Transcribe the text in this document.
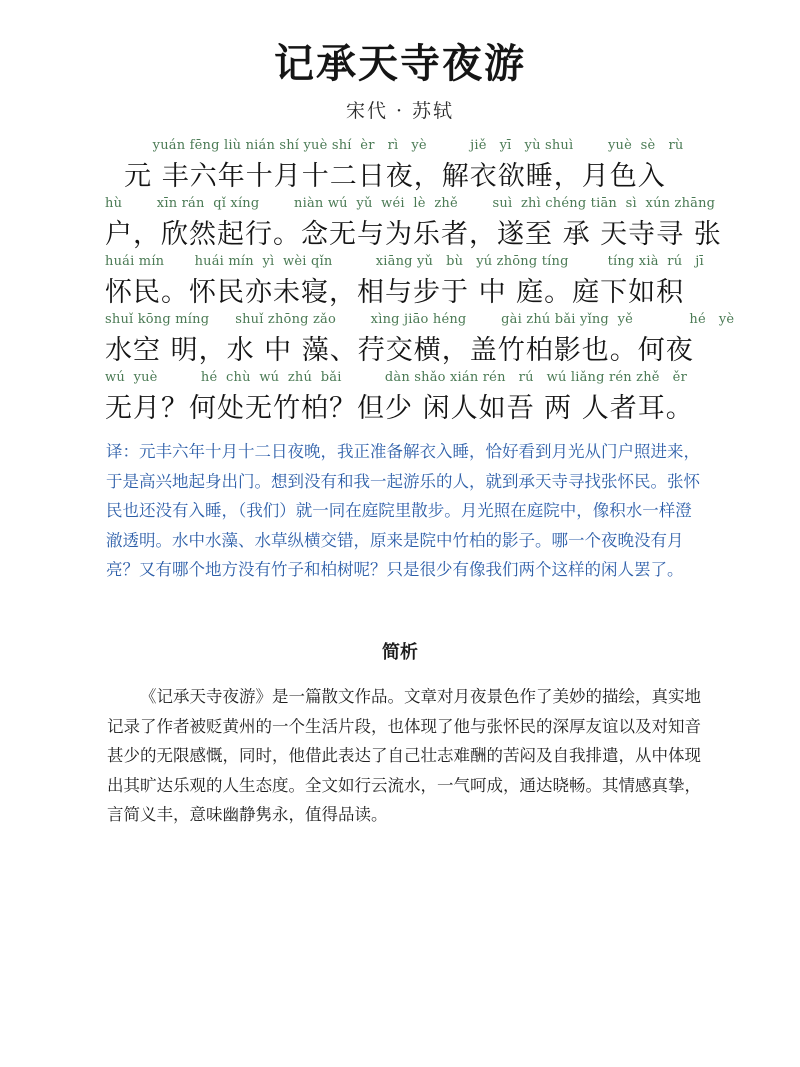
记承天寺夜游
宋代 · 苏轼
yuán fēng liù nián shí yuè shí  èr   rì   yè          jiě   yī   yù shuì        yuè  sè   rù
元 丰六年十月十二日夜，解衣欲睡，月色入
hù        xīn rán  qǐ xíng        niàn wú  yǔ  wéi  lè  zhě        suì  zhì chéng tiān  sì  xún zhāng
户，欣然起行。念无与为乐者，遂至 承 天寺寻 张
huái mín       huái mín  yì  wèi qǐn          xiāng yǔ   bù   yú zhōng tíng         tíng xià  rú   jī
怀民。怀民亦未寝，相与步于 中 庭。庭下如积
shuǐ kōng míng      shuǐ zhōng zǎo        xìng jiāo héng        gài zhú bǎi yǐng  yě             hé   yè
水空 明，水 中 藻、荇交横，盖竹柏影也。何夜
wú  yuè          hé  chù  wú  zhú  bǎi          dàn shǎo xián rén   rú   wú liǎng rén zhě   ěr
无月？何处无竹柏？但少 闲人如吾 两 人者耳。
译：元丰六年十月十二日夜晚，我正准备解衣入睡，恰好看到月光从门户照进来，于是高兴地起身出门。想到没有和我一起游乐的人，就到承天寺寻找张怀民。张怀民也还没有入睡，（我们）就一同在庭院里散步。月光照在庭院中，像积水一样澄澈透明。水中水藻、水草纵横交错，原来是院中竹柏的影子。哪一个夜晚没有月亮？又有哪个地方没有竹子和柏树呢？只是很少有像我们两个这样的闲人罢了。
简析
《记承天寺夜游》是一篇散文作品。文章对月夜景色作了美妙的描绘，真实地记录了作者被贬黄州的一个生活片段，也体现了他与张怀民的深厚友谊以及对知音甚少的无限感慨，同时，他借此表达了自己壮志难酬的苦闷及自我排遣，从中体现出其旷达乐观的人生态度。全文如行云流水，一气呵成，通达晓畅。其情感真挚，言简义丰，意味幽静隽永，值得品读。
